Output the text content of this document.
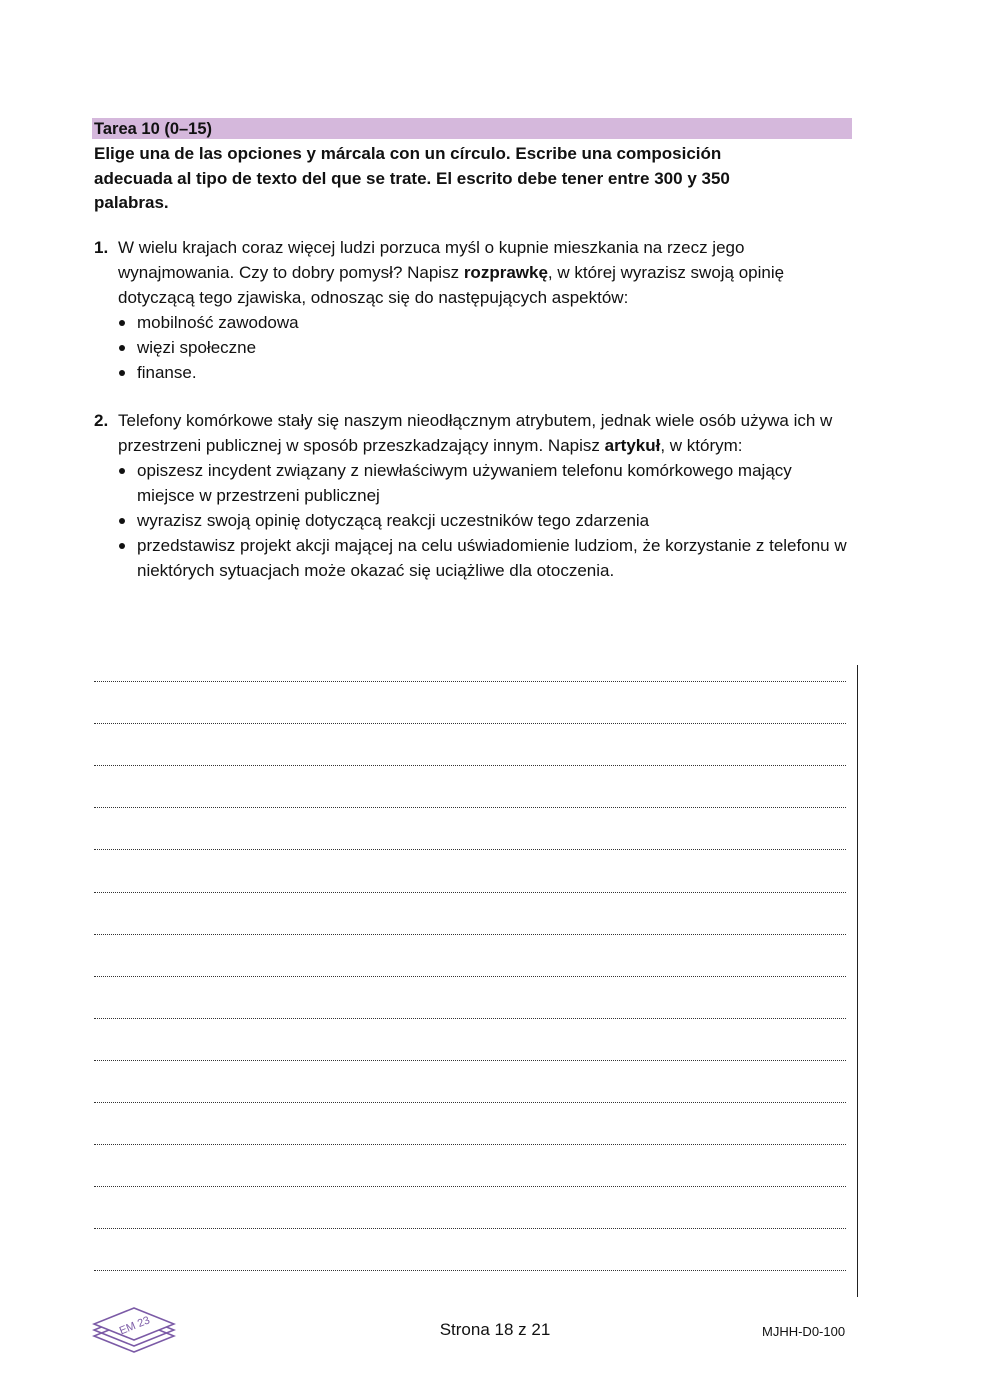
Tarea 10 (0–15)

Elige una de las opciones y márcala con un círculo. Escribe una composición adecuada al tipo de texto del que se trate. El escrito debe tener entre 300 y 350 palabras.

1. W wielu krajach coraz więcej ludzi porzuca myśl o kupnie mieszkania na rzecz jego wynajmowania. Czy to dobry pomysł? Napisz rozprawkę, w której wyrazisz swoją opinię dotyczącą tego zjawiska, odnosząc się do następujących aspektów:
mobilność zawodowa
więzi społeczne
finanse.
2. Telefony komórkowe stały się naszym nieodłącznym atrybutem, jednak wiele osób używa ich w przestrzeni publicznej w sposób przeszkadzający innym. Napisz artykuł, w którym:
opiszesz incydent związany z niewłaściwym używaniem telefonu komórkowego mający miejsce w przestrzeni publicznej
wyrazisz swoją opinię dotyczącą reakcji uczestników tego zdarzenia
przedstawisz projekt akcji mającej na celu uświadomienie ludziom, że korzystanie z telefonu w niektórych sytuacjach może okazać się uciążliwe dla otoczenia.
EM 23	Strona 18 z 21	MJHH-D0-100
